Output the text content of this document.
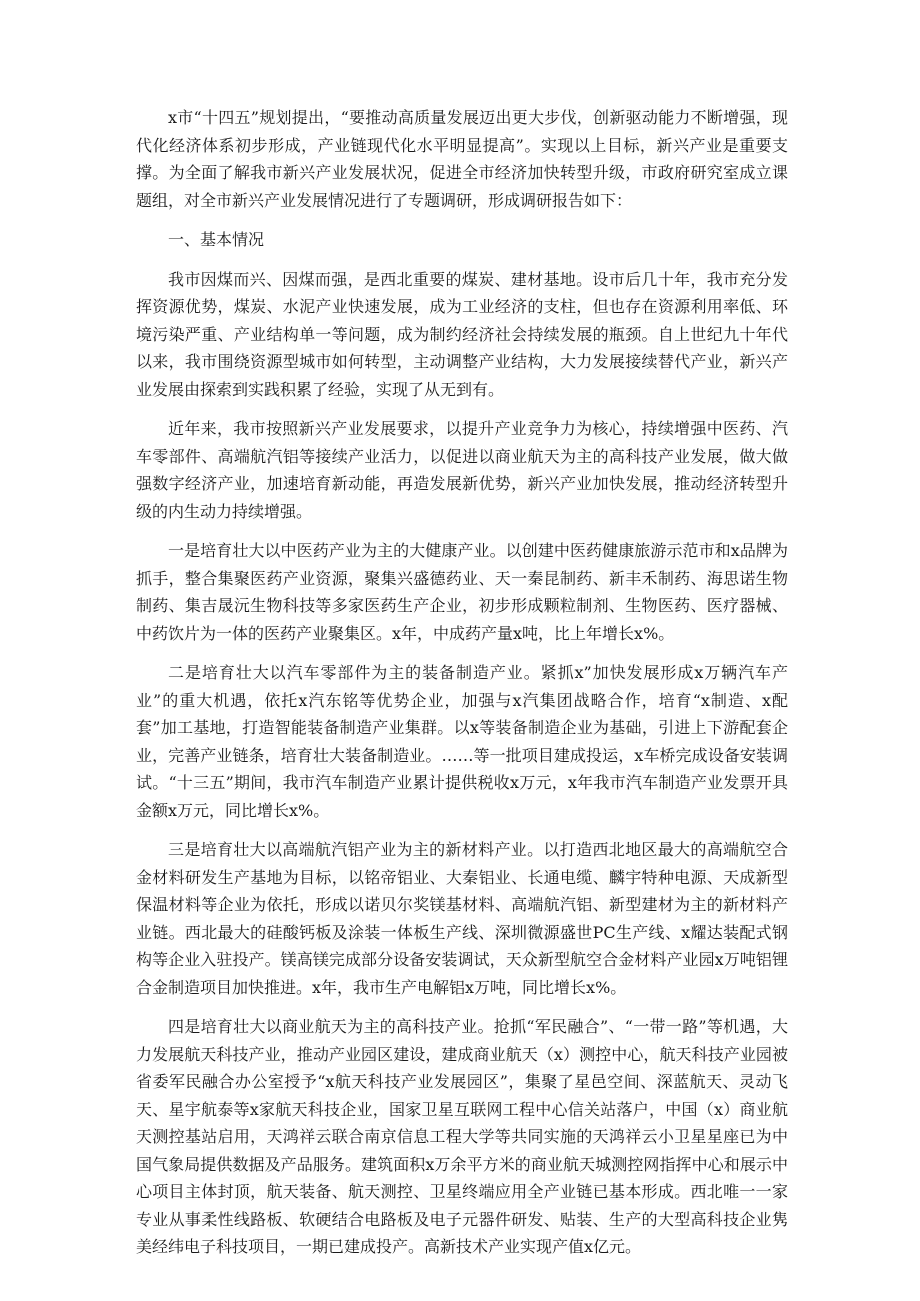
x市“十四五”规划提出，“要推动高质量发展迈出更大步伐，创新驱动能力不断增强，现代化经济体系初步形成，产业链现代化水平明显提高”。实现以上目标，新兴产业是重要支撑。为全面了解我市新兴产业发展状况，促进全市经济加快转型升级，市政府研究室成立课题组，对全市新兴产业发展情况进行了专题调研，形成调研报告如下：

一、基本情况

我市因煤而兴、因煤而强，是西北重要的煤炭、建材基地。设市后几十年，我市充分发挥资源优势，煤炭、水泥产业快速发展，成为工业经济的支柱，但也存在资源利用率低、环境污染严重、产业结构单一等问题，成为制约经济社会持续发展的瓶颈。自上世纪九十年代以来，我市围绕资源型城市如何转型，主动调整产业结构，大力发展接续替代产业，新兴产业发展由探索到实践积累了经验，实现了从无到有。

近年来，我市按照新兴产业发展要求，以提升产业竞争力为核心，持续增强中医药、汽车零部件、高端航汽铝等接续产业活力，以促进以商业航天为主的高科技产业发展，做大做强数字经济产业，加速培育新动能，再造发展新优势，新兴产业加快发展，推动经济转型升级的内生动力持续增强。

一是培育壮大以中医药产业为主的大健康产业。以创建中医药健康旅游示范市和x品牌为抓手，整合集聚医药产业资源，聚集兴盛德药业、天一秦昆制药、新丰禾制药、海思诺生物制药、集吉晟沅生物科技等多家医药生产企业，初步形成颗粒制剂、生物医药、医疗器械、中药饮片为一体的医药产业聚集区。x年，中成药产量x吨，比上年增长x%。

二是培育壮大以汽车零部件为主的装备制造产业。紧抓x”加快发展形成x万辆汽车产业”的重大机遇，依托x汽东铭等优势企业，加强与x汽集团战略合作，培育“x制造、x配套”加工基地，打造智能装备制造产业集群。以x等装备制造企业为基础，引进上下游配套企业，完善产业链条，培育壮大装备制造业。……等一批项目建成投运，x车桥完成设备安装调试。“十三五”期间，我市汽车制造产业累计提供税收x万元，x年我市汽车制造产业发票开具金额x万元，同比增长x%。

三是培育壮大以高端航汽铝产业为主的新材料产业。以打造西北地区最大的高端航空合金材料研发生产基地为目标，以铭帝铝业、大秦铝业、长通电缆、麟宇特种电源、天成新型保温材料等企业为依托，形成以诺贝尔奖镁基材料、高端航汽铝、新型建材为主的新材料产业链。西北最大的硅酸钙板及涂装一体板生产线、深圳微源盛世PC生产线、x耀达装配式钢构等企业入驻投产。镁高镁完成部分设备安装调试，天众新型航空合金材料产业园x万吨铝锂合金制造项目加快推进。x年，我市生产电解铝x万吨，同比增长x%。

四是培育壮大以商业航天为主的高科技产业。抢抓“军民融合”、“一带一路”等机遇，大力发展航天科技产业，推动产业园区建设，建成商业航天（x）测控中心，航天科技产业园被省委军民融合办公室授予“x航天科技产业发展园区”，集聚了星邑空间、深蓝航天、灵动飞天、星宇航泰等x家航天科技企业，国家卫星互联网工程中心信关站落户，中国（x）商业航天测控基站启用，天鸿祥云联合南京信息工程大学等共同实施的天鸿祥云小卫星星座已为中国气象局提供数据及产品服务。建筑面积x万余平方米的商业航天城测控网指挥中心和展示中心项目主体封顶，航天装备、航天测控、卫星终端应用全产业链已基本形成。西北唯一一家专业从事柔性线路板、软硬结合电路板及电子元器件研发、贴装、生产的大型高科技企业隽美经纬电子科技项目，一期已建成投产。高新技术产业实现产值x亿元。
